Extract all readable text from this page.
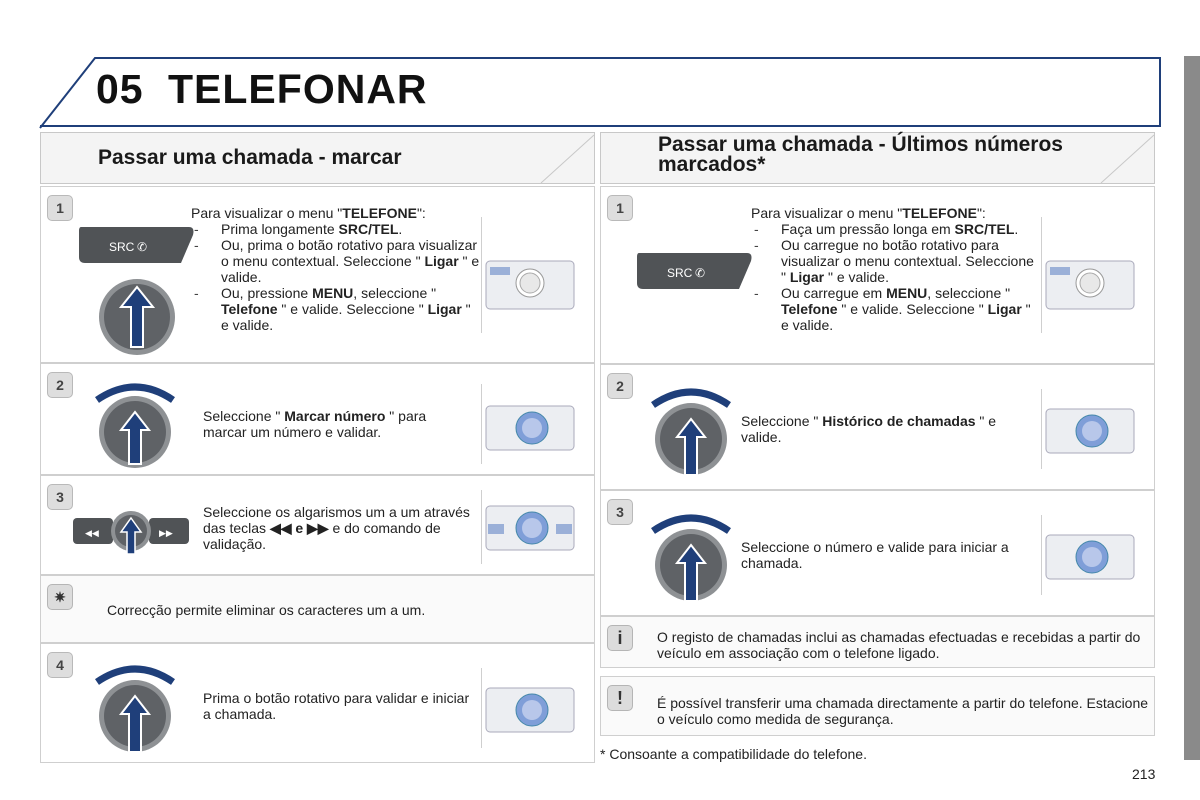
05 TELEFONAR
Passar uma chamada - marcar
1
SRC ✆
Para visualizar o menu "TELEFONE":
- Prima longamente SRC/TEL.
- Ou, prima o botão rotativo para visualizar o menu contextual. Seleccione " Ligar " e valide.
- Ou, pressione MENU, seleccione " Telefone " e valide. Seleccione " Ligar " e valide.
2
Seleccione " Marcar número " para marcar um número e validar.
3
◀◀	▶▶
Seleccione os algarismos um a um através das teclas ◀◀ e ▶▶ e do comando de validação.
✷
Correcção permite eliminar os caracteres um a um.
4
Prima o botão rotativo para validar e iniciar a chamada.
Passar uma chamada - Últimos números marcados*
1
SRC ✆
Para visualizar o menu "TELEFONE":
- Faça um pressão longa em SRC/TEL.
- Ou carregue no botão rotativo para visualizar o menu contextual. Seleccione " Ligar " e valide.
- Ou carregue em MENU, seleccione " Telefone " e valide. Seleccione " Ligar " e valide.
2
Seleccione " Histórico de chamadas " e valide.
3
Seleccione o número e valide para iniciar a chamada.
i	O registo de chamadas inclui as chamadas efectuadas e recebidas a partir do veículo em associação com o telefone ligado.
!	É possível transferir uma chamada directamente a partir do telefone. Estacione o veículo como medida de segurança.
* Consoante a compatibilidade do telefone.
213
